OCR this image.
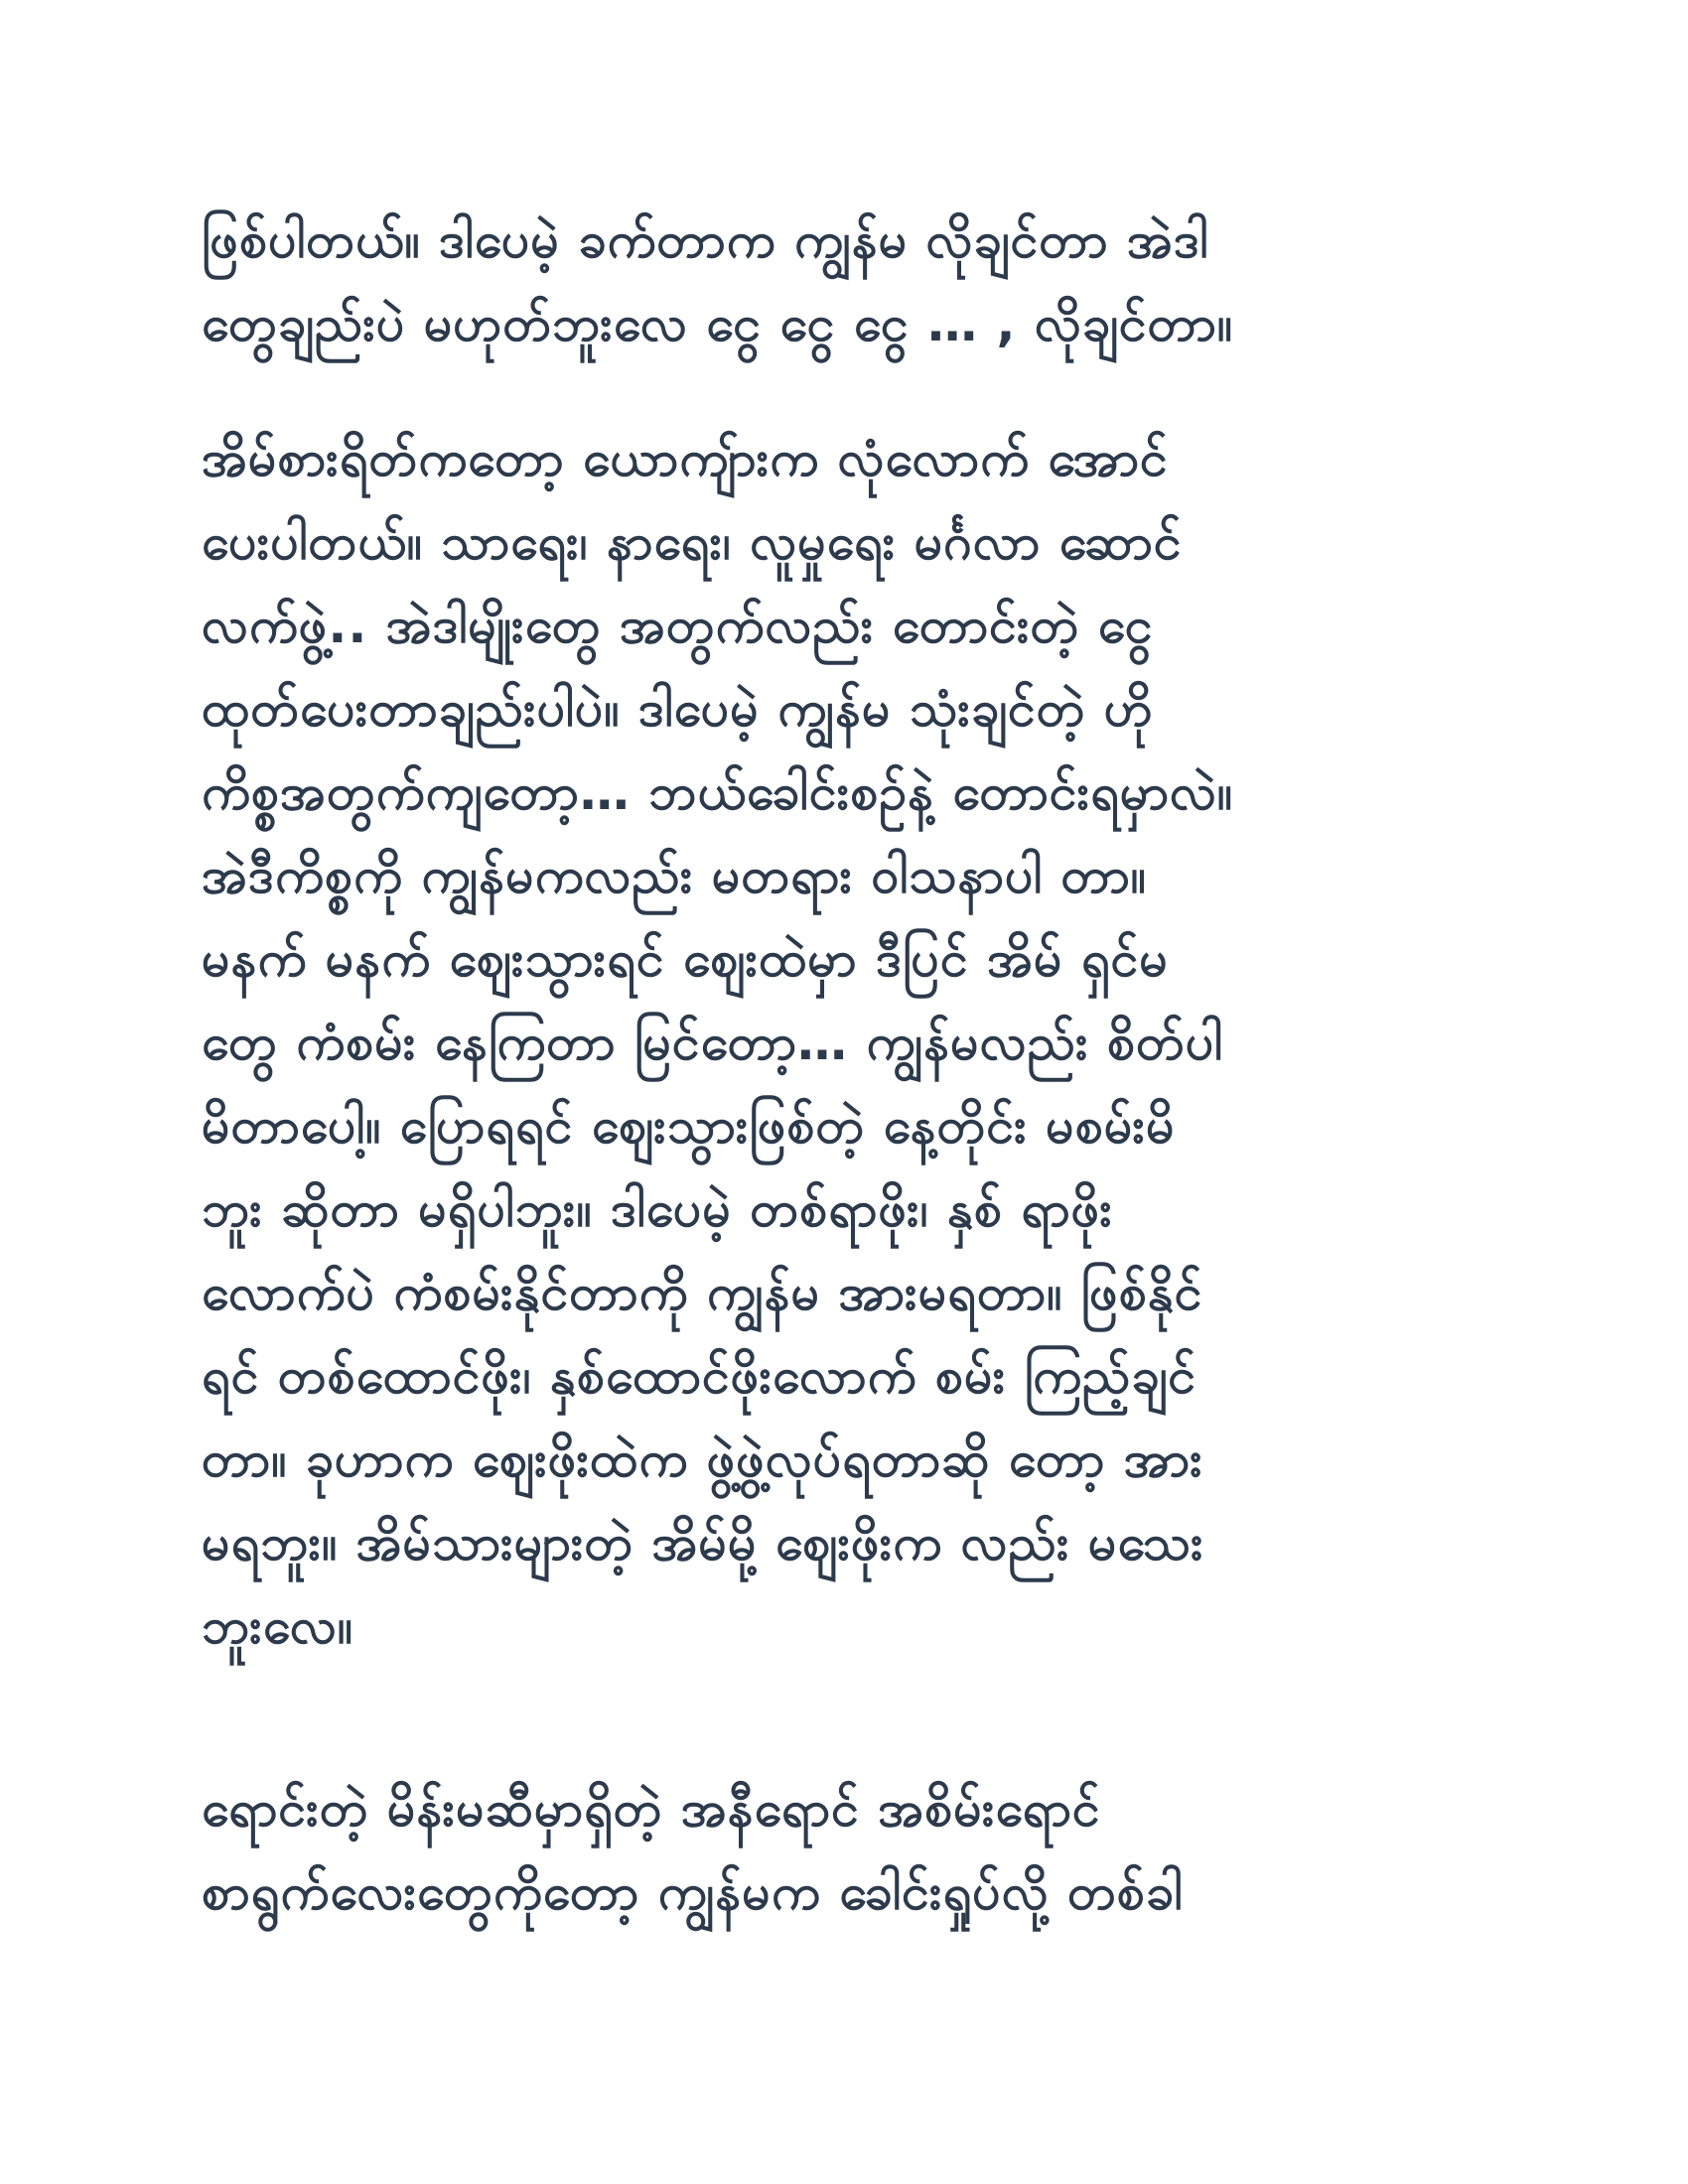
ဖြစ်ပါတယ်။ ဒါပေမဲ့ ခက်တာက ကျွန်မ လိုချင်တာ အဲဒါ
တွေချည်းပဲ မဟုတ်ဘူးလေ ငွေ ငွေ ငွေ … , လိုချင်တာ။
အိမ်စားရိတ်ကတော့ ယောကျ်ားက လုံလောက် အောင်
ပေးပါတယ်။ သာရေး၊ နာရေး၊ လူမှုရေး မင်္ဂလာ ဆောင်
လက်ဖွဲ့.. အဲဒါမျိုးတွေ အတွက်လည်း တောင်းတဲ့ ငွေ
ထုတ်ပေးတာချည်းပါပဲ။ ဒါပေမဲ့ ကျွန်မ သုံးချင်တဲ့ ဟို
ကိစ္စအတွက်ကျတော့… ဘယ်ခေါင်းစဉ်နဲ့ တောင်းရမှာလဲ။
အဲဒီကိစ္စကို ကျွန်မကလည်း မတရား ဝါသနာပါ တာ။
မနက် မနက် ဈေးသွားရင် ဈေးထဲမှာ ဒီပြင် အိမ် ရှင်မ
တွေ ကံစမ်း နေကြတာ မြင်တော့… ကျွန်မလည်း စိတ်ပါ
မိတာပေါ့။ ပြောရရင် ဈေးသွားဖြစ်တဲ့ နေ့တိုင်း မစမ်းမိ
ဘူး ဆိုတာ မရှိပါဘူး။ ဒါပေမဲ့ တစ်ရာဖိုး၊ နှစ် ရာဖိုး
လောက်ပဲ ကံစမ်းနိုင်တာကို ကျွန်မ အားမရတာ။ ဖြစ်နိုင်
ရင် တစ်ထောင်ဖိုး၊ နှစ်ထောင်ဖိုးလောက် စမ်း ကြည့်ချင်
တာ။ ခုဟာက ဈေးဖိုးထဲက ဖွဲ့ဖွဲ့လုပ်ရတာဆို တော့ အား
မရဘူး။ အိမ်သားများတဲ့ အိမ်မို့ ဈေးဖိုးက လည်း မသေး
ဘူးလေ။
ရောင်းတဲ့ မိန်းမဆီမှာရှိတဲ့ အနီရောင် အစိမ်းရောင်
စာရွက်လေးတွေကိုတော့ ကျွန်မက ခေါင်းရှုပ်လို့ တစ်ခါ
